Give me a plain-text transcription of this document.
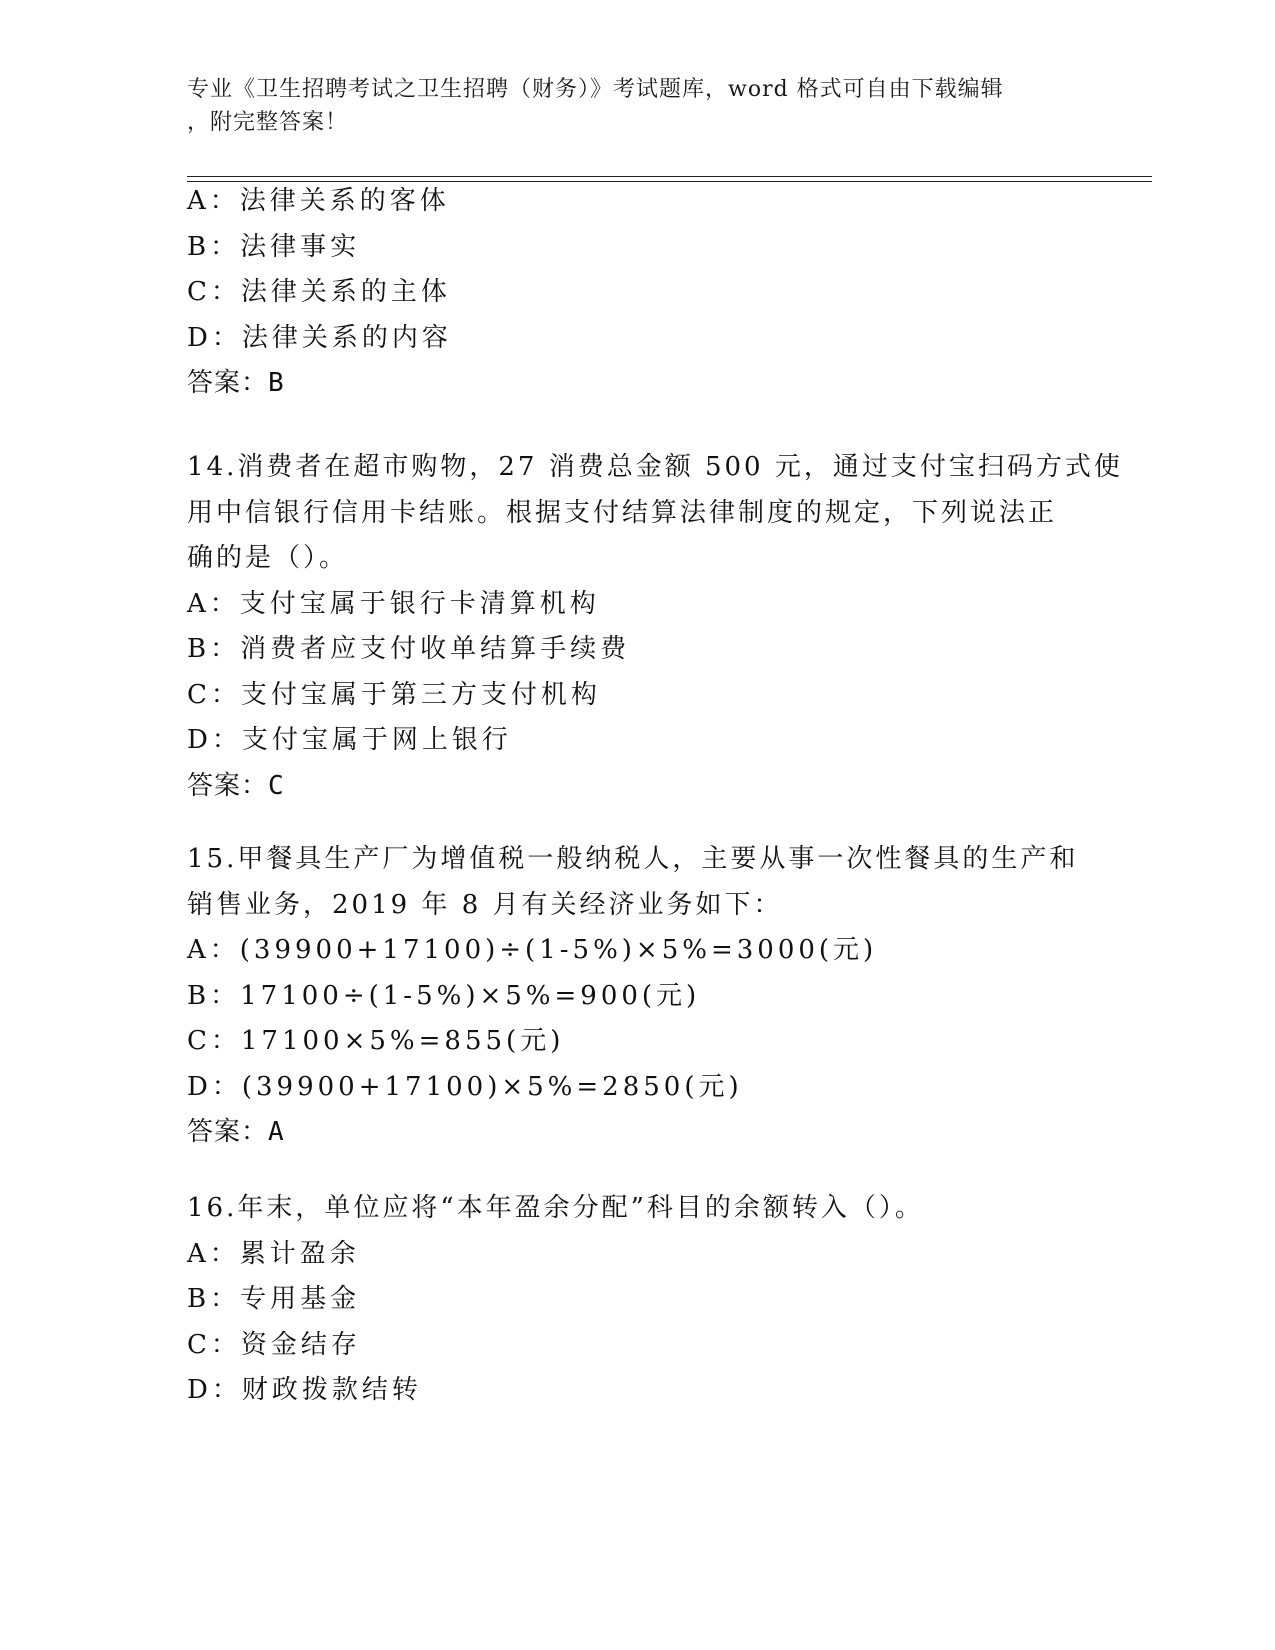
专业《卫生招聘考试之卫生招聘（财务）》考试题库，word 格式可自由下载编辑
，附完整答案！
A：法律关系的客体
B：法律事实
C：法律关系的主体
D：法律关系的内容
答案：B
14.消费者在超市购物，27 消费总金额 500 元，通过支付宝扫码方式使
用中信银行信用卡结账。根据支付结算法律制度的规定，下列说法正
确的是（）。
A：支付宝属于银行卡清算机构
B：消费者应支付收单结算手续费
C：支付宝属于第三方支付机构
D：支付宝属于网上银行
答案：C
15.甲餐具生产厂为增值税一般纳税人，主要从事一次性餐具的生产和
销售业务，2019 年 8 月有关经济业务如下：
A：(39900+17100)÷(1-5%)×5%=3000(元)
B：17100÷(1-5%)×5%=900(元)
C：17100×5%=855(元)
D：(39900+17100)×5%=2850(元)
答案：A
16.年末，单位应将“本年盈余分配”科目的余额转入（）。
A：累计盈余
B：专用基金
C：资金结存
D：财政拨款结转
